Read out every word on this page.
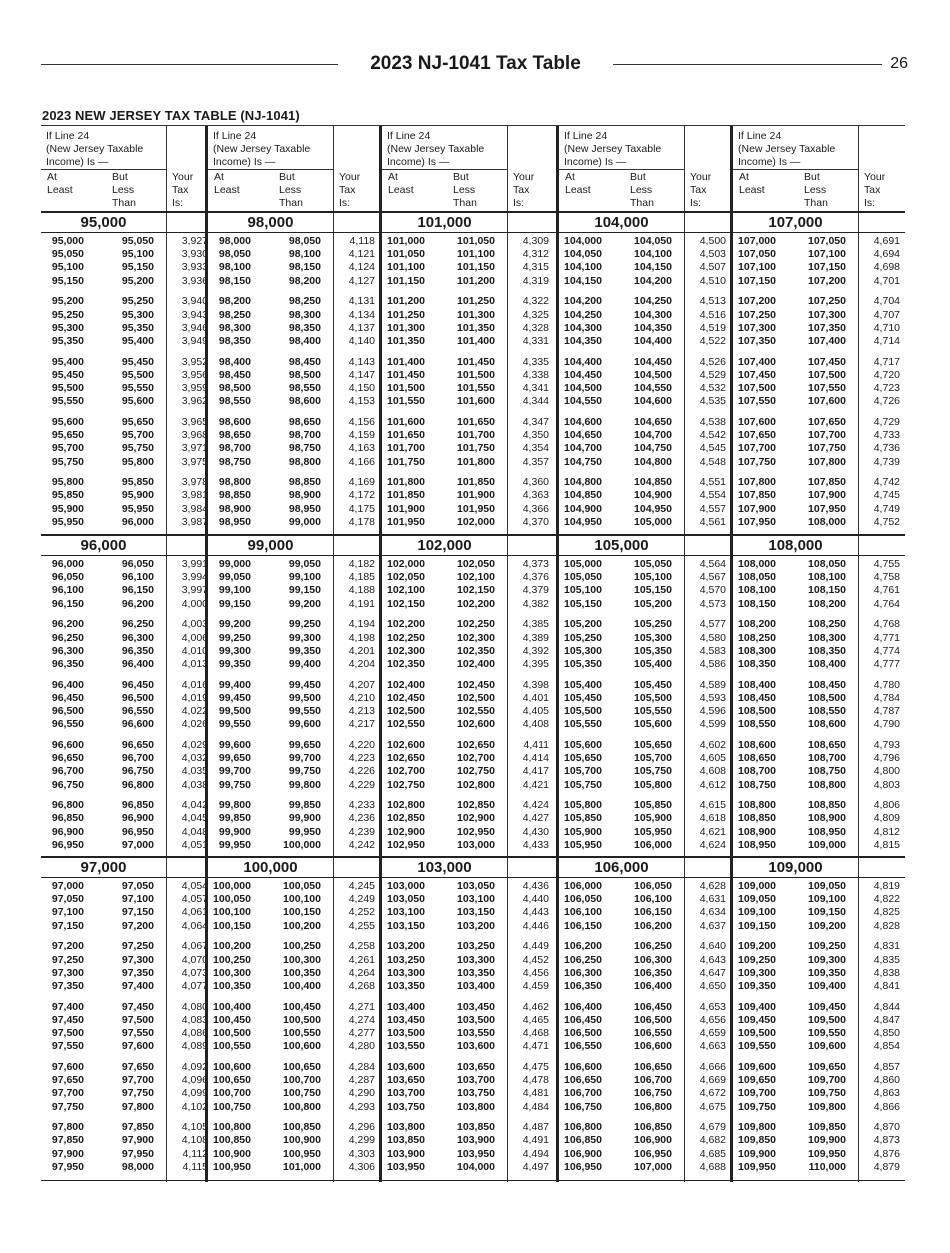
2023 NJ-1041 Tax Table	26
2023 NEW JERSEY TAX TABLE (NJ-1041)
If Line 24
(New Jersey Taxable
Income) Is —
At
Least
But
Less
Than
Your
Tax
Is:
95,000
95,000	95,050	3,927
95,050	95,100	3,930
95,100	95,150	3,933
95,150	95,200	3,936
95,200	95,250	3,940
95,250	95,300	3,943
95,300	95,350	3,946
95,350	95,400	3,949
95,400	95,450	3,952
95,450	95,500	3,956
95,500	95,550	3,959
95,550	95,600	3,962
95,600	95,650	3,965
95,650	95,700	3,968
95,700	95,750	3,971
95,750	95,800	3,975
95,800	95,850	3,978
95,850	95,900	3,981
95,900	95,950	3,984
95,950	96,000	3,987
96,000
96,000	96,050	3,991
96,050	96,100	3,994
96,100	96,150	3,997
96,150	96,200	4,000
96,200	96,250	4,003
96,250	96,300	4,006
96,300	96,350	4,010
96,350	96,400	4,013
96,400	96,450	4,016
96,450	96,500	4,019
96,500	96,550	4,022
96,550	96,600	4,026
96,600	96,650	4,029
96,650	96,700	4,032
96,700	96,750	4,035
96,750	96,800	4,038
96,800	96,850	4,042
96,850	96,900	4,045
96,900	96,950	4,048
96,950	97,000	4,051
97,000
97,000	97,050	4,054
97,050	97,100	4,057
97,100	97,150	4,061
97,150	97,200	4,064
97,200	97,250	4,067
97,250	97,300	4,070
97,300	97,350	4,073
97,350	97,400	4,077
97,400	97,450	4,080
97,450	97,500	4,083
97,500	97,550	4,086
97,550	97,600	4,089
97,600	97,650	4,092
97,650	97,700	4,096
97,700	97,750	4,099
97,750	97,800	4,102
97,800	97,850	4,105
97,850	97,900	4,108
97,900	97,950	4,112
97,950	98,000	4,115
If Line 24
(New Jersey Taxable
Income) Is —
At
Least
But
Less
Than
Your
Tax
Is:
98,000
98,000	98,050	4,118
98,050	98,100	4,121
98,100	98,150	4,124
98,150	98,200	4,127
98,200	98,250	4,131
98,250	98,300	4,134
98,300	98,350	4,137
98,350	98,400	4,140
98,400	98,450	4,143
98,450	98,500	4,147
98,500	98,550	4,150
98,550	98,600	4,153
98,600	98,650	4,156
98,650	98,700	4,159
98,700	98,750	4,163
98,750	98,800	4,166
98,800	98,850	4,169
98,850	98,900	4,172
98,900	98,950	4,175
98,950	99,000	4,178
99,000
99,000	99,050	4,182
99,050	99,100	4,185
99,100	99,150	4,188
99,150	99,200	4,191
99,200	99,250	4,194
99,250	99,300	4,198
99,300	99,350	4,201
99,350	99,400	4,204
99,400	99,450	4,207
99,450	99,500	4,210
99,500	99,550	4,213
99,550	99,600	4,217
99,600	99,650	4,220
99,650	99,700	4,223
99,700	99,750	4,226
99,750	99,800	4,229
99,800	99,850	4,233
99,850	99,900	4,236
99,900	99,950	4,239
99,950	100,000	4,242
100,000
100,000	100,050	4,245
100,050	100,100	4,249
100,100	100,150	4,252
100,150	100,200	4,255
100,200	100,250	4,258
100,250	100,300	4,261
100,300	100,350	4,264
100,350	100,400	4,268
100,400	100,450	4,271
100,450	100,500	4,274
100,500	100,550	4,277
100,550	100,600	4,280
100,600	100,650	4,284
100,650	100,700	4,287
100,700	100,750	4,290
100,750	100,800	4,293
100,800	100,850	4,296
100,850	100,900	4,299
100,900	100,950	4,303
100,950	101,000	4,306
If Line 24
(New Jersey Taxable
Income) Is —
At
Least
But
Less
Than
Your
Tax
Is:
101,000
101,000	101,050	4,309
101,050	101,100	4,312
101,100	101,150	4,315
101,150	101,200	4,319
101,200	101,250	4,322
101,250	101,300	4,325
101,300	101,350	4,328
101,350	101,400	4,331
101,400	101,450	4,335
101,450	101,500	4,338
101,500	101,550	4,341
101,550	101,600	4,344
101,600	101,650	4,347
101,650	101,700	4,350
101,700	101,750	4,354
101,750	101,800	4,357
101,800	101,850	4,360
101,850	101,900	4,363
101,900	101,950	4,366
101,950	102,000	4,370
102,000
102,000	102,050	4,373
102,050	102,100	4,376
102,100	102,150	4,379
102,150	102,200	4,382
102,200	102,250	4,385
102,250	102,300	4,389
102,300	102,350	4,392
102,350	102,400	4,395
102,400	102,450	4,398
102,450	102,500	4,401
102,500	102,550	4,405
102,550	102,600	4,408
102,600	102,650	4,411
102,650	102,700	4,414
102,700	102,750	4,417
102,750	102,800	4,421
102,800	102,850	4,424
102,850	102,900	4,427
102,900	102,950	4,430
102,950	103,000	4,433
103,000
103,000	103,050	4,436
103,050	103,100	4,440
103,100	103,150	4,443
103,150	103,200	4,446
103,200	103,250	4,449
103,250	103,300	4,452
103,300	103,350	4,456
103,350	103,400	4,459
103,400	103,450	4,462
103,450	103,500	4,465
103,500	103,550	4,468
103,550	103,600	4,471
103,600	103,650	4,475
103,650	103,700	4,478
103,700	103,750	4,481
103,750	103,800	4,484
103,800	103,850	4,487
103,850	103,900	4,491
103,900	103,950	4,494
103,950	104,000	4,497
If Line 24
(New Jersey Taxable
Income) Is —
At
Least
But
Less
Than
Your
Tax
Is:
104,000
104,000	104,050	4,500
104,050	104,100	4,503
104,100	104,150	4,507
104,150	104,200	4,510
104,200	104,250	4,513
104,250	104,300	4,516
104,300	104,350	4,519
104,350	104,400	4,522
104,400	104,450	4,526
104,450	104,500	4,529
104,500	104,550	4,532
104,550	104,600	4,535
104,600	104,650	4,538
104,650	104,700	4,542
104,700	104,750	4,545
104,750	104,800	4,548
104,800	104,850	4,551
104,850	104,900	4,554
104,900	104,950	4,557
104,950	105,000	4,561
105,000
105,000	105,050	4,564
105,050	105,100	4,567
105,100	105,150	4,570
105,150	105,200	4,573
105,200	105,250	4,577
105,250	105,300	4,580
105,300	105,350	4,583
105,350	105,400	4,586
105,400	105,450	4,589
105,450	105,500	4,593
105,500	105,550	4,596
105,550	105,600	4,599
105,600	105,650	4,602
105,650	105,700	4,605
105,700	105,750	4,608
105,750	105,800	4,612
105,800	105,850	4,615
105,850	105,900	4,618
105,900	105,950	4,621
105,950	106,000	4,624
106,000
106,000	106,050	4,628
106,050	106,100	4,631
106,100	106,150	4,634
106,150	106,200	4,637
106,200	106,250	4,640
106,250	106,300	4,643
106,300	106,350	4,647
106,350	106,400	4,650
106,400	106,450	4,653
106,450	106,500	4,656
106,500	106,550	4,659
106,550	106,600	4,663
106,600	106,650	4,666
106,650	106,700	4,669
106,700	106,750	4,672
106,750	106,800	4,675
106,800	106,850	4,679
106,850	106,900	4,682
106,900	106,950	4,685
106,950	107,000	4,688
If Line 24
(New Jersey Taxable
Income) Is —
At
Least
But
Less
Than
Your
Tax
Is:
107,000
107,000	107,050	4,691
107,050	107,100	4,694
107,100	107,150	4,698
107,150	107,200	4,701
107,200	107,250	4,704
107,250	107,300	4,707
107,300	107,350	4,710
107,350	107,400	4,714
107,400	107,450	4,717
107,450	107,500	4,720
107,500	107,550	4,723
107,550	107,600	4,726
107,600	107,650	4,729
107,650	107,700	4,733
107,700	107,750	4,736
107,750	107,800	4,739
107,800	107,850	4,742
107,850	107,900	4,745
107,900	107,950	4,749
107,950	108,000	4,752
108,000
108,000	108,050	4,755
108,050	108,100	4,758
108,100	108,150	4,761
108,150	108,200	4,764
108,200	108,250	4,768
108,250	108,300	4,771
108,300	108,350	4,774
108,350	108,400	4,777
108,400	108,450	4,780
108,450	108,500	4,784
108,500	108,550	4,787
108,550	108,600	4,790
108,600	108,650	4,793
108,650	108,700	4,796
108,700	108,750	4,800
108,750	108,800	4,803
108,800	108,850	4,806
108,850	108,900	4,809
108,900	108,950	4,812
108,950	109,000	4,815
109,000
109,000	109,050	4,819
109,050	109,100	4,822
109,100	109,150	4,825
109,150	109,200	4,828
109,200	109,250	4,831
109,250	109,300	4,835
109,300	109,350	4,838
109,350	109,400	4,841
109,400	109,450	4,844
109,450	109,500	4,847
109,500	109,550	4,850
109,550	109,600	4,854
109,600	109,650	4,857
109,650	109,700	4,860
109,700	109,750	4,863
109,750	109,800	4,866
109,800	109,850	4,870
109,850	109,900	4,873
109,900	109,950	4,876
109,950	110,000	4,879
